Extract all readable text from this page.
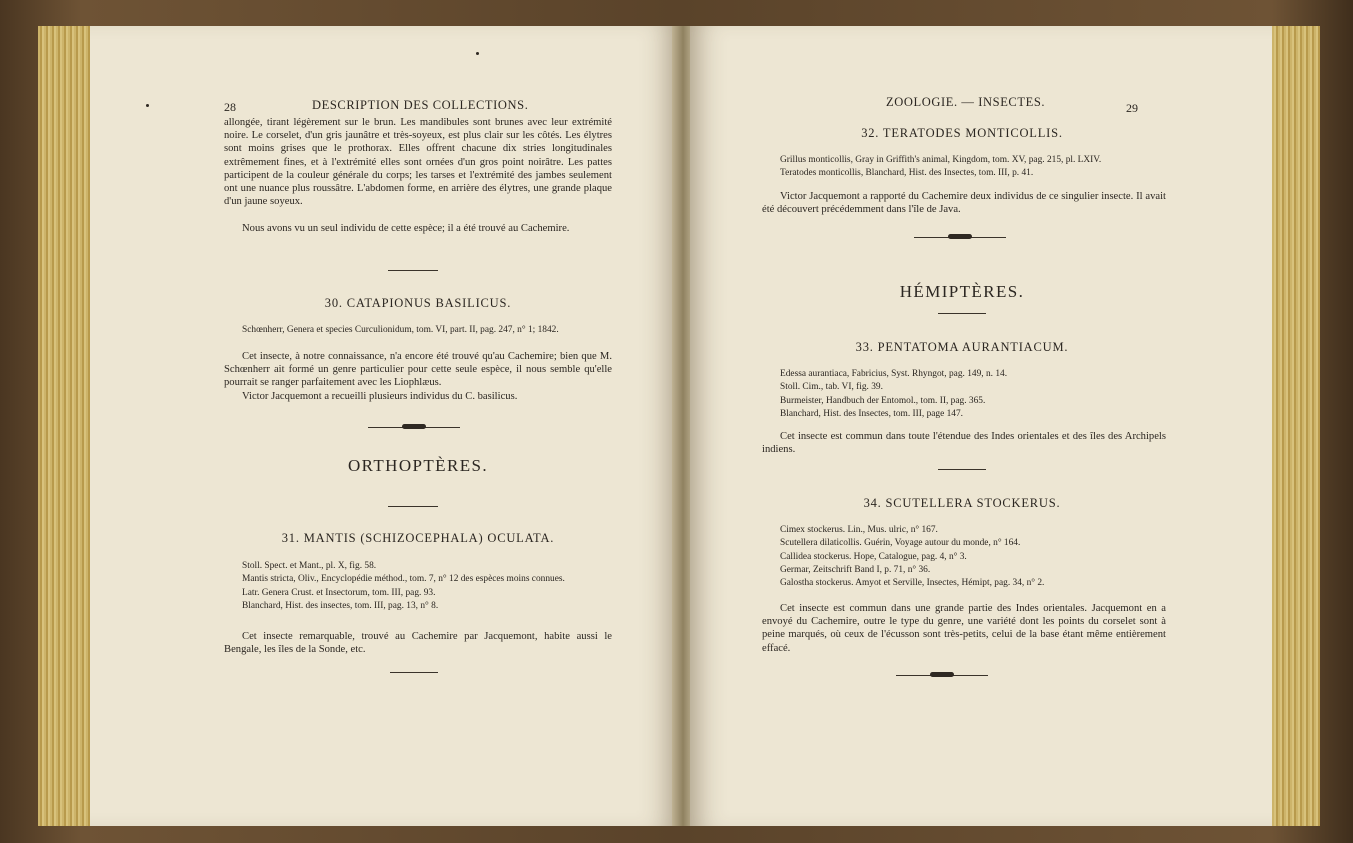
28	DESCRIPTION DES COLLECTIONS.

allongée, tirant légèrement sur le brun. Les mandibules sont brunes avec leur extrémité noire. Le corselet, d'un gris jaunâtre et très-soyeux, est plus clair sur les côtés. Les élytres sont moins grises que le prothorax. Elles offrent chacune dix stries longitudinales extrêmement fines, et à l'extrémité elles sont ornées d'un gros point noirâtre. Les pattes participent de la couleur générale du corps; les tarses et l'extrémité des jambes seulement ont une nuance plus roussâtre. L'abdomen forme, en arrière des élytres, une grande plaque d'un jaune soyeux.

Nous avons vu un seul individu de cette espèce; il a été trouvé au Cachemire.

30. CATAPIONUS BASILICUS.

Schœnherr, Genera et species Curculionidum, tom. VI, part. II, pag. 247, n° 1; 1842.

Cet insecte, à notre connaissance, n'a encore été trouvé qu'au Cachemire; bien que M. Schœnherr ait formé un genre particulier pour cette seule espèce, il nous semble qu'elle pourrait se ranger parfaitement avec les Liophlæus.

Victor Jacquemont a recueilli plusieurs individus du C. basilicus.

ORTHOPTÈRES.

31. MANTIS (SCHIZOCEPHALA) OCULATA.

Stoll. Spect. et Mant., pl. X, fig. 58.
Mantis stricta, Oliv., Encyclopédie méthod., tom. 7, n° 12 des espèces moins connues.
Latr. Genera Crust. et Insectorum, tom. III, pag. 93.
Blanchard, Hist. des insectes, tom. III, pag. 13, n° 8.

Cet insecte remarquable, trouvé au Cachemire par Jacquemont, habite aussi le Bengale, les îles de la Sonde, etc.

ZOOLOGIE. — INSECTES.	29

32. TERATODES MONTICOLLIS.

Grillus monticollis, Gray in Griffith's animal, Kingdom, tom. XV, pag. 215, pl. LXIV.
Teratodes monticollis, Blanchard, Hist. des Insectes, tom. III, p. 41.

Victor Jacquemont a rapporté du Cachemire deux individus de ce singulier insecte. Il avait été découvert précédemment dans l'île de Java.

HÉMIPTÈRES.

33. PENTATOMA AURANTIACUM.

Edessa aurantiaca, Fabricius, Syst. Rhyngot, pag. 149, n. 14.
Stoll. Cim., tab. VI, fig. 39.
Burmeister, Handbuch der Entomol., tom. II, pag. 365.
Blanchard, Hist. des Insectes, tom. III, page 147.

Cet insecte est commun dans toute l'étendue des Indes orientales et des îles des Archipels indiens.

34. SCUTELLERA STOCKERUS.

Cimex stockerus. Lin., Mus. ulric, n° 167.
Scutellera dilaticollis. Guérin, Voyage autour du monde, n° 164.
Callidea stockerus. Hope, Catalogue, pag. 4, n° 3.
Germar, Zeitschrift Band I, p. 71, n° 36.
Galostha stockerus. Amyot et Serville, Insectes, Hémipt, pag. 34, n° 2.

Cet insecte est commun dans une grande partie des Indes orientales. Jacquemont en a envoyé du Cachemire, outre le type du genre, une variété dont les points du corselet sont à peine marqués, où ceux de l'écusson sont très-petits, celui de la base étant même entièrement effacé.
